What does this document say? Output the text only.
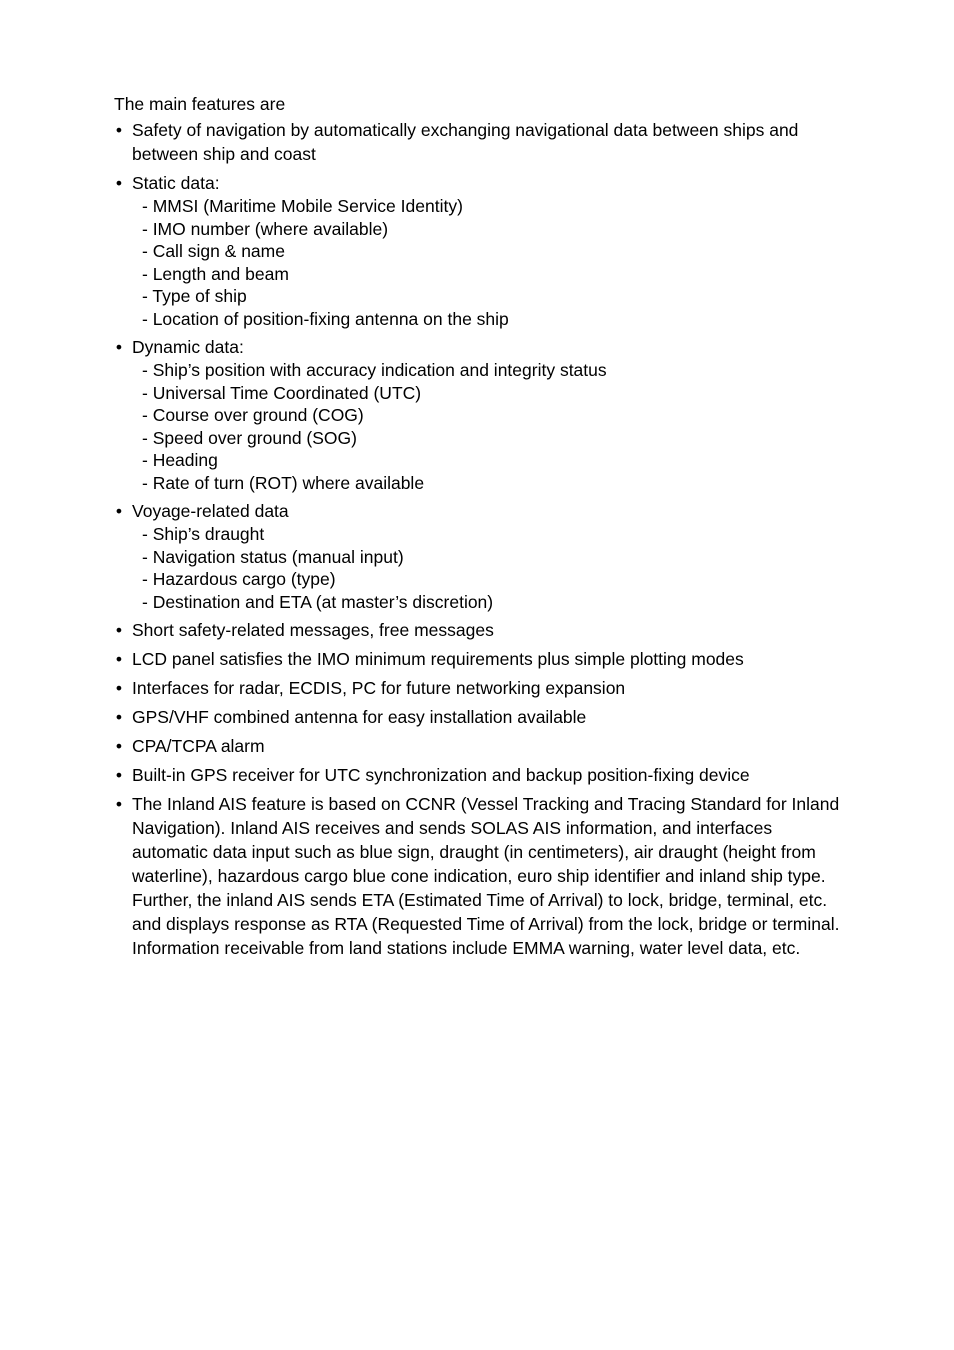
The main features are
• Safety of navigation by automatically exchanging navigational data between ships and between ship and coast
• Static data:
- MMSI (Maritime Mobile Service Identity)
- IMO number (where available)
- Call sign & name
- Length and beam
- Type of ship
- Location of position-fixing antenna on the ship
• Dynamic data:
- Ship’s position with accuracy indication and integrity status
- Universal Time Coordinated (UTC)
- Course over ground (COG)
- Speed over ground (SOG)
- Heading
- Rate of turn (ROT) where available
• Voyage-related data
- Ship’s draught
- Navigation status (manual input)
- Hazardous cargo (type)
- Destination and ETA (at master’s discretion)
• Short safety-related messages, free messages
• LCD panel satisfies the IMO minimum requirements plus simple plotting modes
• Interfaces for radar, ECDIS, PC for future networking expansion
• GPS/VHF combined antenna for easy installation available
• CPA/TCPA alarm
• Built-in GPS receiver for UTC synchronization and backup position-fixing device
• The Inland AIS feature is based on CCNR (Vessel Tracking and Tracing Standard for Inland Navigation). Inland AIS receives and sends SOLAS AIS information, and interfaces automatic data input such as blue sign, draught (in centimeters), air draught (height from waterline), hazardous cargo blue cone indication, euro ship identifier and inland ship type. Further, the inland AIS sends ETA (Estimated Time of Arrival) to lock, bridge, terminal, etc. and displays response as RTA (Requested Time of Arrival) from the lock, bridge or terminal. Information receivable from land stations include EMMA warning, water level data, etc.
